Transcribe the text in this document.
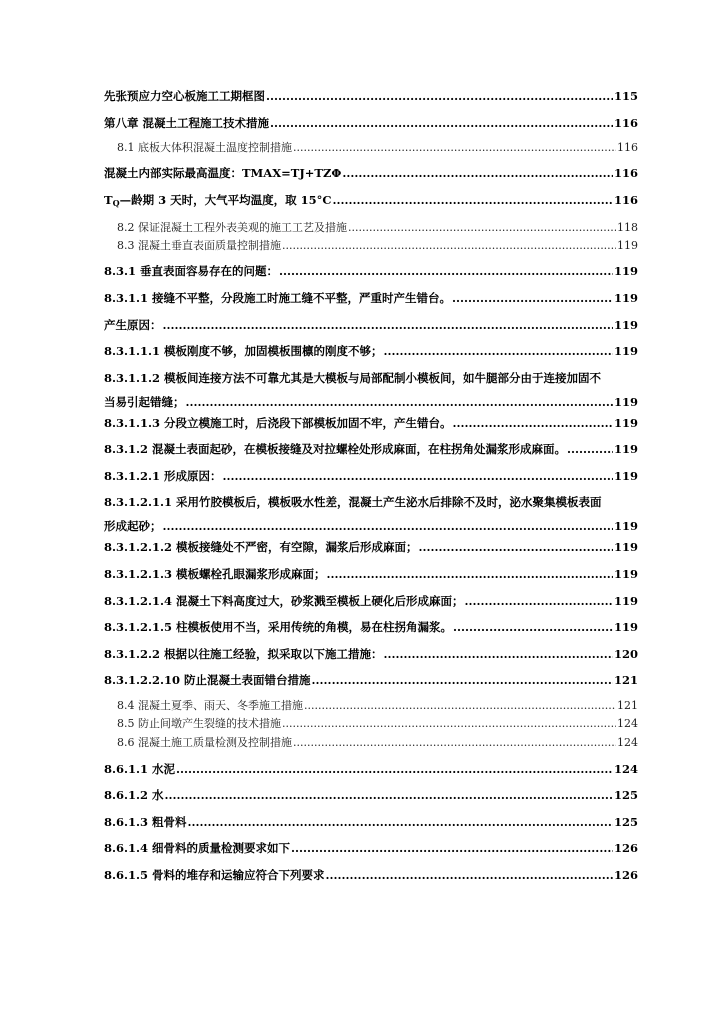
先张预应力空心板施工工期框图 .....	115
第八章 混凝土工程施工技术措施 .....	116
8.1 底板大体积混凝土温度控制措施 .....	116
混凝土内部实际最高温度：TMAX=TJ+TZΦ .....	116
$T_Q—$龄期 3 天时，大气平均温度，取 15°C .....	116
8.2 保证混凝土工程外表美观的施工工艺及措施 .....	118
8.3 混凝土垂直表面质量控制措施 .....	119
8.3.1 垂直表面容易存在的问题： .....	119
8.3.1.1 接缝不平整，分段施工时施工缝不平整，严重时产生错台。 .....	119
产生原因： .....	119
8.3.1.1.1 模板刚度不够，加固模板围檩的刚度不够； .....	119
8.3.1.1.2 模板间连接方法不可靠尤其是大模板与局部配制小模板间，如牛腿部分由于连接加固不
当易引起错缝； .....	119
8.3.1.1.3 分段立模施工时，后浇段下部模板加固不牢，产生错台。 .....	119
8.3.1.2 混凝土表面起砂，在模板接缝及对拉螺栓处形成麻面，在柱拐角处漏浆形成麻面。 .....	119
8.3.1.2.1 形成原因： .....	119
8.3.1.2.1.1 采用竹胶模板后，模板吸水性差，混凝土产生泌水后排除不及时，泌水聚集模板表面
形成起砂； .....	119
8.3.1.2.1.2 模板接缝处不严密，有空隙，漏浆后形成麻面； .....	119
8.3.1.2.1.3 模板螺栓孔眼漏浆形成麻面； .....	119
8.3.1.2.1.4 混凝土下料高度过大，砂浆溅至模板上硬化后形成麻面； .....	119
8.3.1.2.1.5 柱模板使用不当，采用传统的角模，易在柱拐角漏浆。 .....	119
8.3.1.2.2 根据以往施工经验，拟采取以下施工措施： .....	120
8.3.1.2.2.10 防止混凝土表面错台措施 .....	121
8.4 混凝土夏季、雨天、冬季施工措施 .....	121
8.5 防止间墩产生裂缝的技术措施 .....	124
8.6 混凝土施工质量检测及控制措施 .....	124
8.6.1.1 水泥 .....	124
8.6.1.2 水 .....	125
8.6.1.3 粗骨料 .....	125
8.6.1.4 细骨料的质量检测要求如下 .....	126
8.6.1.5 骨料的堆存和运输应符合下列要求 .....	126
